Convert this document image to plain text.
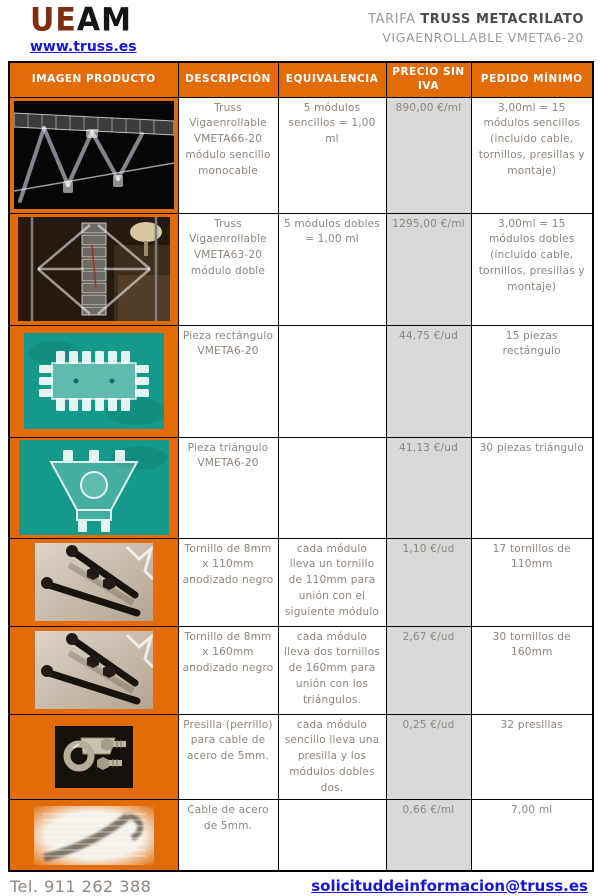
UEAM
www.truss.es
TARIFA TRUSS METACRILATO
VIGAENROLLABLE VMETA6-20
IMAGEN PRODUCTO	DESCRIPCIÓN	EQUIVALENCIA	PRECIO SIN IVA	PEDIDO MÍNIMO

	Truss Vigaenrollable VMETA66-20 módulo sencillo monocable	5 módulos sencillos = 1,00 ml	890,00 €/ml	3,00ml = 15 módulos sencillos (incluido cable, tornillos, presillas y montaje)

	Truss Vigaenrollable VMETA63-20 módulo doble	5 módulos dobles = 1,00 ml	1295,00 €/ml	3,00ml = 15 módulos dobles (incluido cable, tornillos, presillas y montaje)

	Pieza rectángulo VMETA6-20		44,75 €/ud	15 piezas rectángulo

	Pieza triángulo VMETA6-20		41,13 €/ud	30 piezas triángulo

	Tornillo de 8mm x 110mm anodizado negro	cada módulo lleva un tornillo de 110mm para unión con el siguiente módulo	1,10 €/ud	17 tornillos de 110mm

	Tornillo de 8mm x 160mm anodizado negro	cada módulo lleva dos tornillos de 160mm para unión con los triángulos.	2,67 €/ud	30 tornillos de 160mm

	Presilla (perrillo) para cable de acero de 5mm.	cada módulo sencillo lleva una presilla y los módulos dobles dos.	0,25 €/ud	32 presillas

	Cable de acero de 5mm.		0,66 €/ml	7,00 ml
Tel. 911 262 388	solicituddeinformacion@truss.es
